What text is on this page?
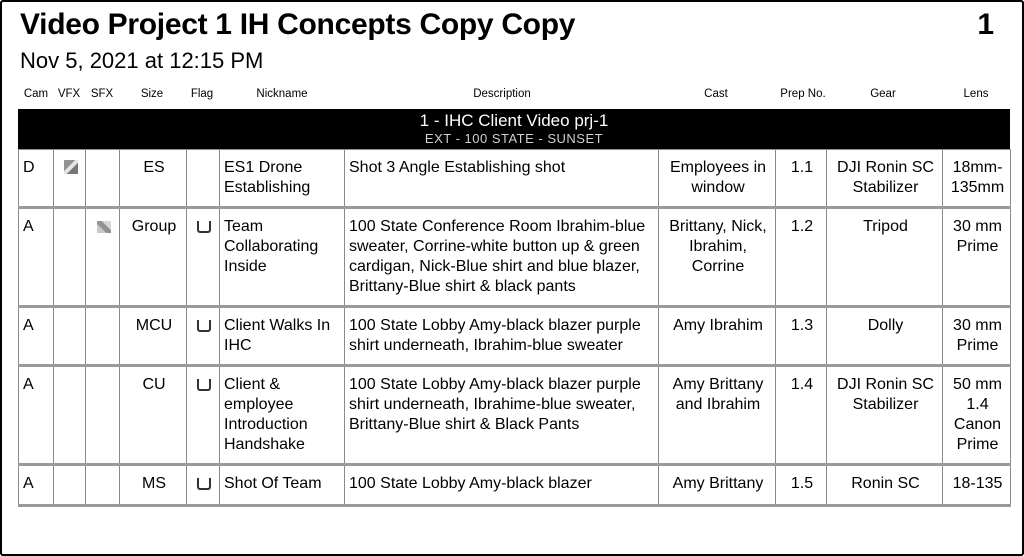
Video Project 1 IH Concepts Copy Copy	1
Nov 5, 2021 at 12:15 PM
Cam VFX SFX Size Flag	Nickname	Description	Cast	Prep No.	Gear	Lens
1 - IHC Client Video prj-1
EXT - 100 STATE - SUNSET
D			ES		ES1 Drone Establishing	Shot 3 Angle Establishing shot	Employees in window	1.1	DJI Ronin SC Stabilizer	18mm-135mm
A			Group		Team Collaborating Inside	100 State Conference Room Ibrahim-blue sweater, Corrine-white button up & green cardigan, Nick-Blue shirt and blue blazer, Brittany-Blue shirt & black pants	Brittany, Nick, Ibrahim, Corrine	1.2	Tripod	30 mm Prime
A			MCU		Client Walks In IHC	100 State Lobby Amy-black blazer purple shirt underneath, Ibrahim-blue sweater	Amy Ibrahim	1.3	Dolly	30 mm Prime
A			CU		Client & employee Introduction Handshake	100 State Lobby Amy-black blazer purple shirt underneath, Ibrahime-blue sweater, Brittany-Blue shirt & Black Pants	Amy Brittany and Ibrahim	1.4	DJI Ronin SC Stabilizer	50 mm 1.4 Canon Prime
A			MS		Shot Of Team	100 State Lobby Amy-black blazer	Amy Brittany	1.5	Ronin SC	18-135
